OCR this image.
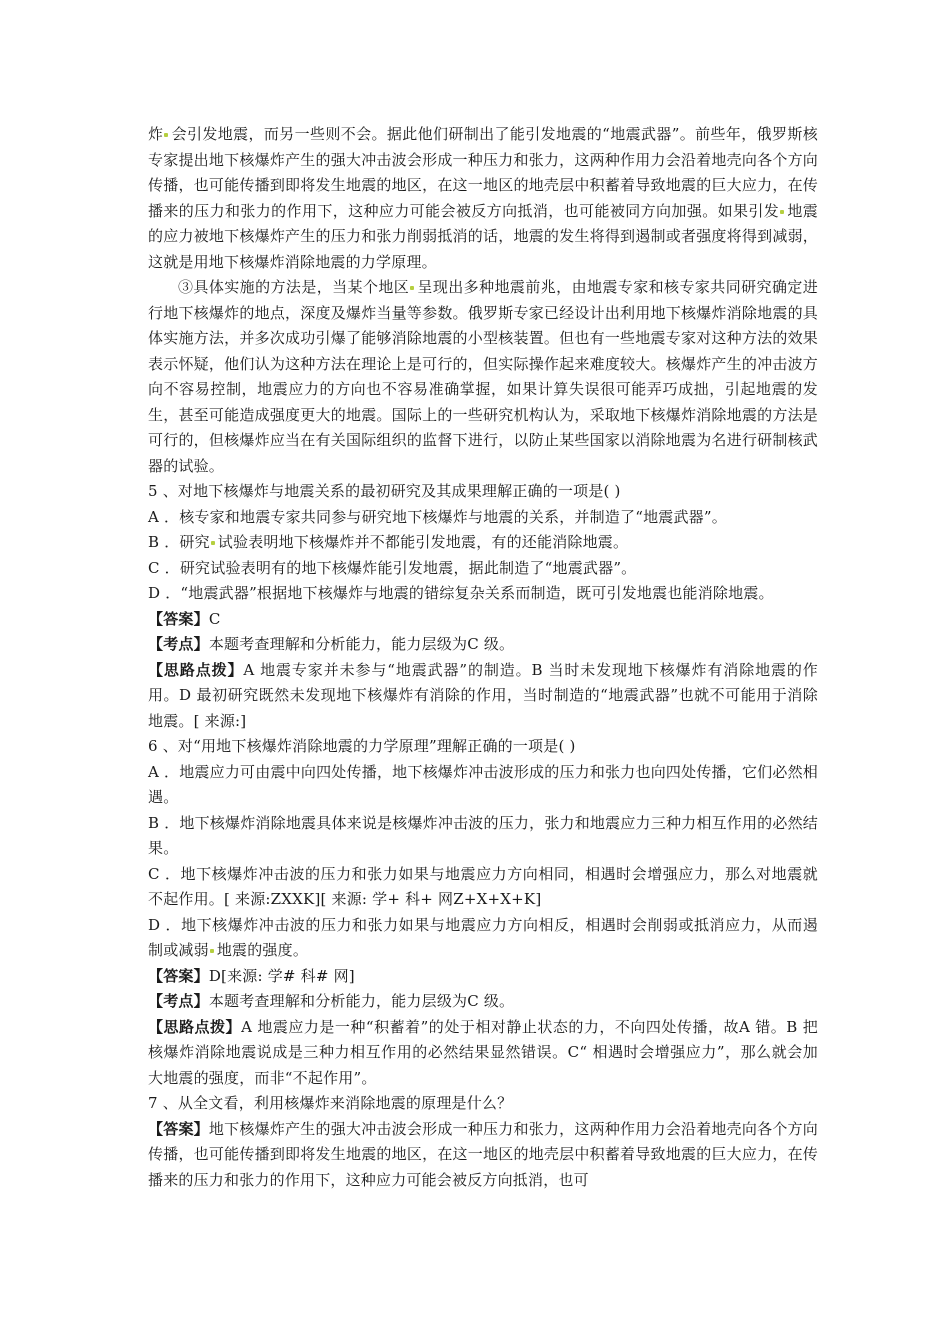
炸 会引发地震，而另一些则不会。据此他们研制出了能引发地震的“地震武器”。前些年，俄罗斯核专家提出地下核爆炸产生的强大冲击波会形成一种压力和张力，这两种作用力会沿着地壳向各个方向传播，也可能传播到即将发生地震的地区，在这一地区的地壳层中积蓄着导致地震的巨大应力，在传播来的压力和张力的作用下，这种应力可能会被反方向抵消，也可能被同方向加强。如果引发 地震的应力被地下核爆炸产生的压力和张力削弱抵消的话，地震的发生将得到遏制或者强度将得到减弱，这就是用地下核爆炸消除地震的力学原理。

③具体实施的方法是，当某个地区 呈现出多种地震前兆，由地震专家和核专家共同研究确定进行地下核爆炸的地点，深度及爆炸当量等参数。俄罗斯专家已经设计出利用地下核爆炸消除地震的具体实施方法，并多次成功引爆了能够消除地震的小型核装置。但也有一些地震专家对这种方法的效果表示怀疑，他们认为这种方法在理论上是可行的，但实际操作起来难度较大。核爆炸产生的冲击波方向不容易控制，地震应力的方向也不容易准确掌握，如果计算失误很可能弄巧成拙，引起地震的发生，甚至可能造成强度更大的地震。国际上的一些研究机构认为，采取地下核爆炸消除地震的方法是可行的，但核爆炸应当在有关国际组织的监督下进行，以防止某些国家以消除地震为名进行研制核武器的试验。

5 、对地下核爆炸与地震关系的最初研究及其成果理解正确的一项是( )

A ．核专家和地震专家共同参与研究地下核爆炸与地震的关系，并制造了“地震武器”。

B ．研究 试验表明地下核爆炸并不都能引发地震，有的还能消除地震。

C ．研究试验表明有的地下核爆炸能引发地震，据此制造了“地震武器”。

D ．“地震武器”根据地下核爆炸与地震的错综复杂关系而制造，既可引发地震也能消除地震。

【答案】C

【考点】本题考查理解和分析能力，能力层级为C 级。

【思路点拨】A 地震专家并未参与“地震武器”的制造。B 当时未发现地下核爆炸有消除地震的作用。D 最初研究既然未发现地下核爆炸有消除的作用，当时制造的“地震武器”也就不可能用于消除地震。[ 来源:]

6 、对“用地下核爆炸消除地震的力学原理”理解正确的一项是( )

A ．地震应力可由震中向四处传播，地下核爆炸冲击波形成的压力和张力也向四处传播，它们必然相遇。

B ．地下核爆炸消除地震具体来说是核爆炸冲击波的压力，张力和地震应力三种力相互作用的必然结果。

C ．地下核爆炸冲击波的压力和张力如果与地震应力方向相同，相遇时会增强应力，那么对地震就不起作用。[ 来源:ZXXK][ 来源: 学+ 科+ 网Z+X+X+K]

D ．地下核爆炸冲击波的压力和张力如果与地震应力方向相反，相遇时会削弱或抵消应力，从而遏制或减弱 地震的强度。

【答案】D[来源: 学# 科# 网]

【考点】本题考查理解和分析能力，能力层级为C 级。

【思路点拨】A 地震应力是一种“积蓄着”的处于相对静止状态的力，不向四处传播，故A 错。B 把核爆炸消除地震说成是三种力相互作用的必然结果显然错误。C“ 相遇时会增强应力”，那么就会加大地震的强度，而非“不起作用”。

7 、从全文看，利用核爆炸来消除地震的原理是什么？

【答案】地下核爆炸产生的强大冲击波会形成一种压力和张力，这两种作用力会沿着地壳向各个方向传播，也可能传播到即将发生地震的地区，在这一地区的地壳层中积蓄着导致地震的巨大应力，在传播来的压力和张力的作用下，这种应力可能会被反方向抵消，也可
